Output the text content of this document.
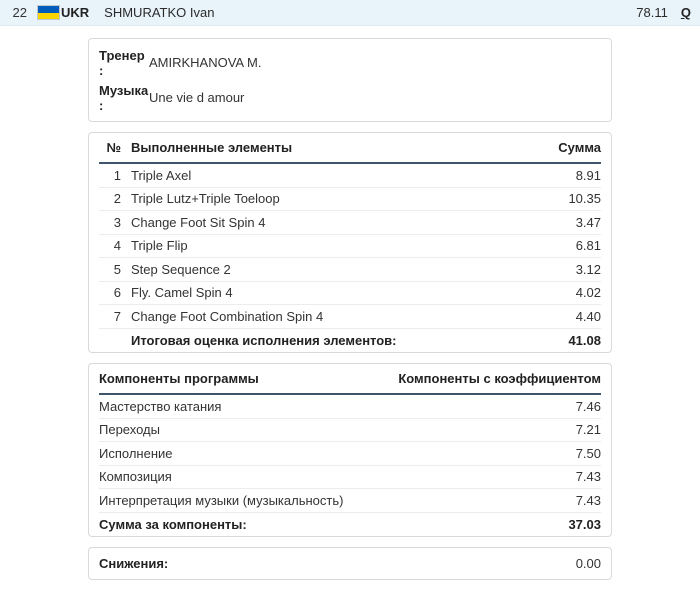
22	UKR SHMURATKO Ivan	78.11 Q
Тренер
:	AMIRKHANOVA M.
Музыка
:	Une vie d amour
№ Выполненные элементы	Сумма
1 Triple Axel	8.91
2 Triple Lutz+Triple Toeloop	10.35
3 Change Foot Sit Spin 4	3.47
4 Triple Flip	6.81
5 Step Sequence 2	3.12
6 Fly. Camel Spin 4	4.02
7 Change Foot Combination Spin 4	4.40
Итоговая оценка исполнения элементов:	41.08
Компоненты программы	Компоненты с коэффициентом
Мастерство катания	7.46
Переходы	7.21
Исполнение	7.50
Композиция	7.43
Интерпретация музыки (музыкальность)	7.43
Сумма за компоненты:	37.03
Снижения:	0.00
